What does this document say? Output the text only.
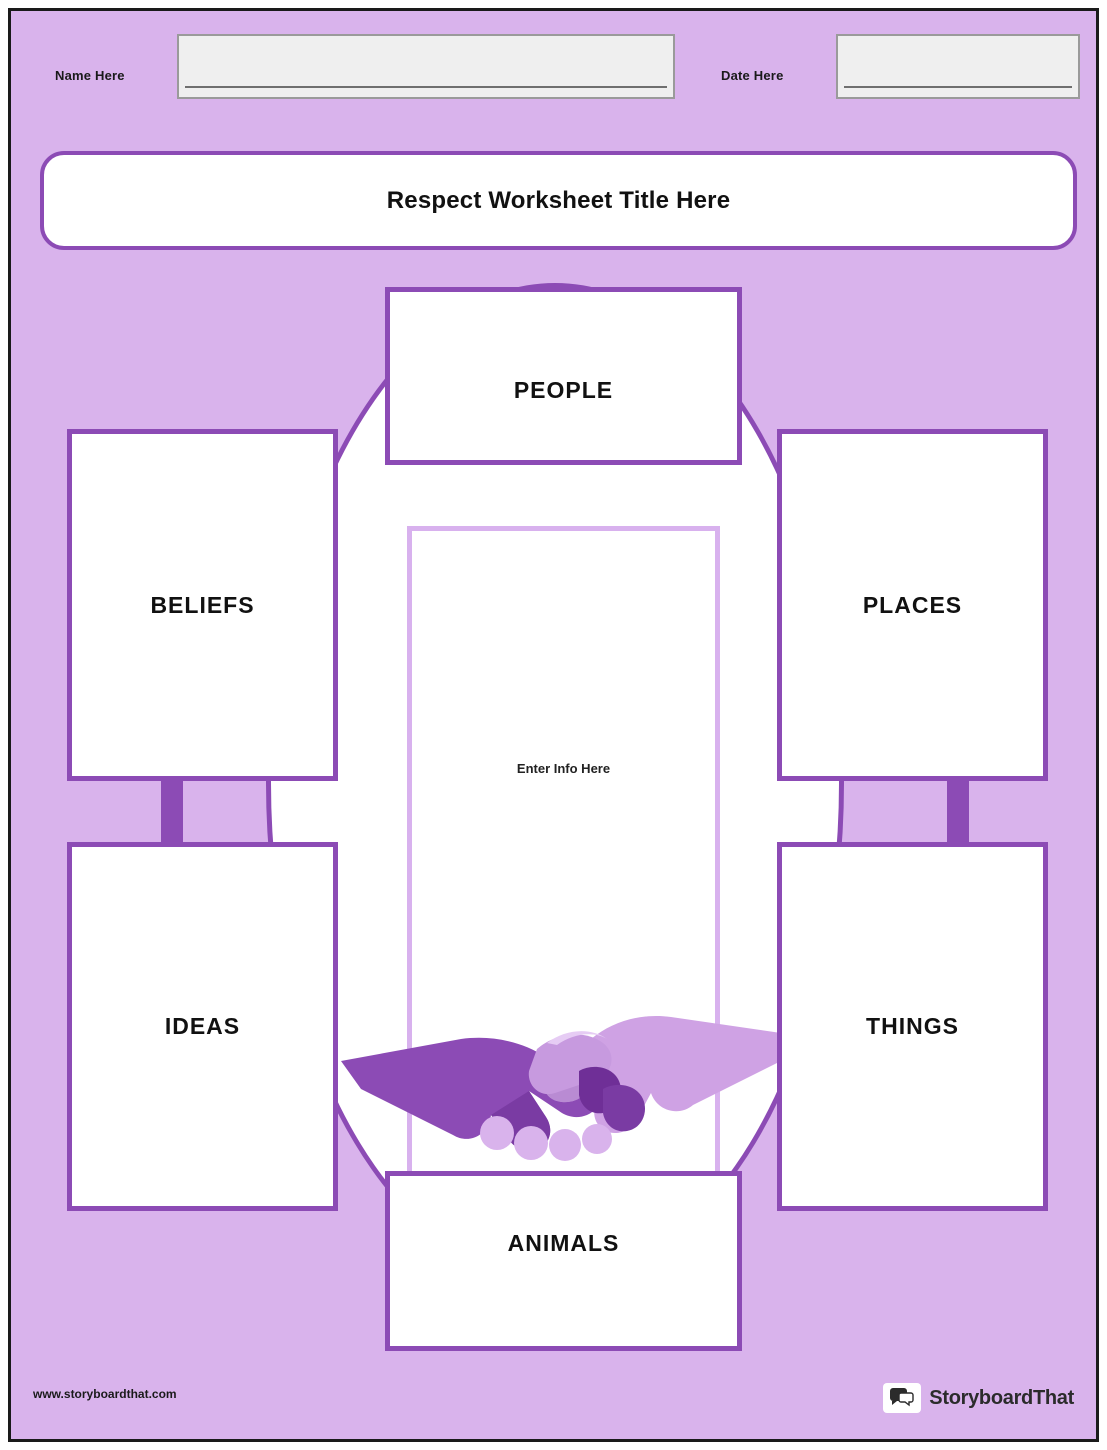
Name Here	Date Here
Respect Worksheet Title Here
Enter Info Here
PEOPLE
BELIEFS	PLACES
IDEAS	THINGS
ANIMALS
www.storyboardthat.com	StoryboardThat
